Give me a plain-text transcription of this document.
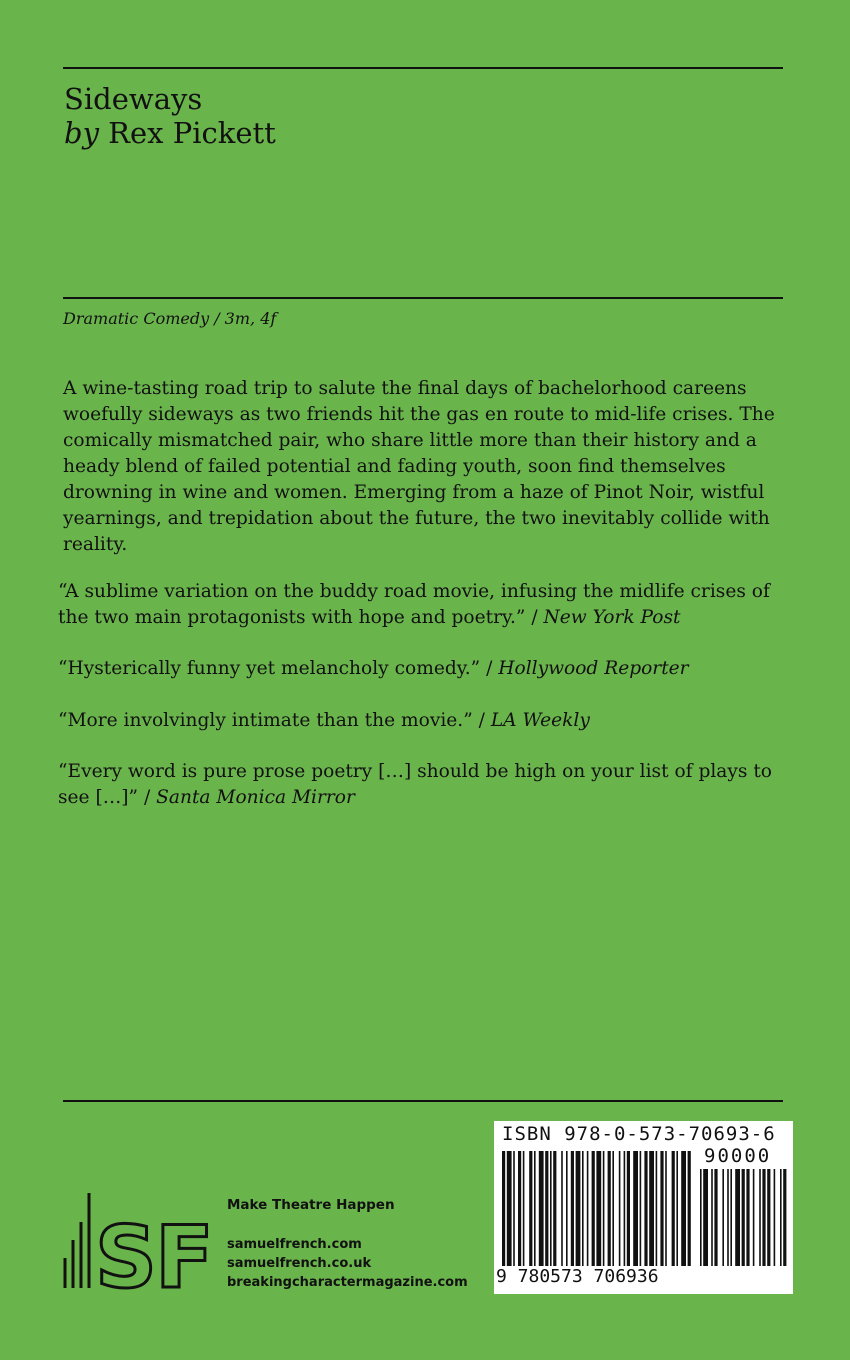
Sideways
by Rex Pickett
Dramatic Comedy / 3m, 4f
A wine-tasting road trip to salute the final days of bachelorhood careens woefully sideways as two friends hit the gas en route to mid-life crises. The comically mismatched pair, who share little more than their history and a heady blend of failed potential and fading youth, soon find themselves drowning in wine and women. Emerging from a haze of Pinot Noir, wistful yearnings, and trepidation about the future, the two inevitably collide with reality.
“A sublime variation on the buddy road movie, infusing the midlife crises of the two main protagonists with hope and poetry.” / New York Post
“Hysterically funny yet melancholy comedy.” / Hollywood Reporter
“More involvingly intimate than the movie.” / LA Weekly
“Every word is pure prose poetry […] should be high on your list of plays to see […]” / Santa Monica Mirror
SF
Make Theatre Happen
samuelfrench.com
samuelfrench.co.uk
breakingcharactermagazine.com
ISBN 978-0-573-70693-6
90000
9 780573 706936
